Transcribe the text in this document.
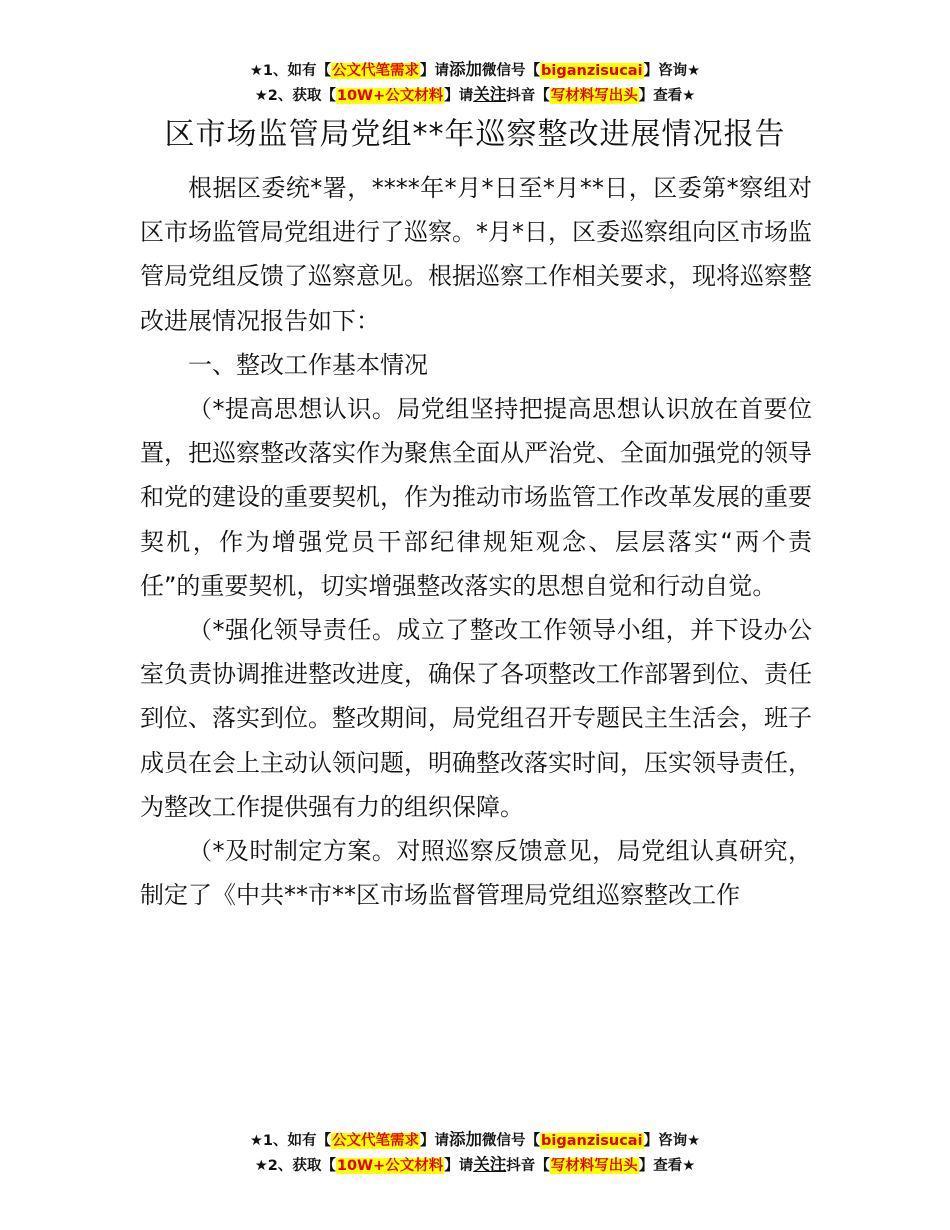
★1、如有【公文代笔需求】请添加微信号【biganzisucai】咨询★
★2、获取【10W+公文材料】请关注抖音【写材料写出头】查看★
区市场监管局党组**年巡察整改进展情况报告

根据区委统*署，****年*月*日至*月**日，区委第*察组对区市场监管局党组进行了巡察。*月*日，区委巡察组向区市场监管局党组反馈了巡察意见。根据巡察工作相关要求，现将巡察整改进展情况报告如下：

一、整改工作基本情况

（*提高思想认识。局党组坚持把提高思想认识放在首要位置，把巡察整改落实作为聚焦全面从严治党、全面加强党的领导和党的建设的重要契机，作为推动市场监管工作改革发展的重要契机，作为增强党员干部纪律规矩观念、层层落实“两个责任”的重要契机，切实增强整改落实的思想自觉和行动自觉。

（*强化领导责任。成立了整改工作领导小组，并下设办公室负责协调推进整改进度，确保了各项整改工作部署到位、责任到位、落实到位。整改期间，局党组召开专题民主生活会，班子成员在会上主动认领问题，明确整改落实时间，压实领导责任，为整改工作提供强有力的组织保障。

（*及时制定方案。对照巡察反馈意见，局党组认真研究，制定了《中共**市**区市场监督管理局党组巡察整改工作

★1、如有【公文代笔需求】请添加微信号【biganzisucai】咨询★
★2、获取【10W+公文材料】请关注抖音【写材料写出头】查看★
